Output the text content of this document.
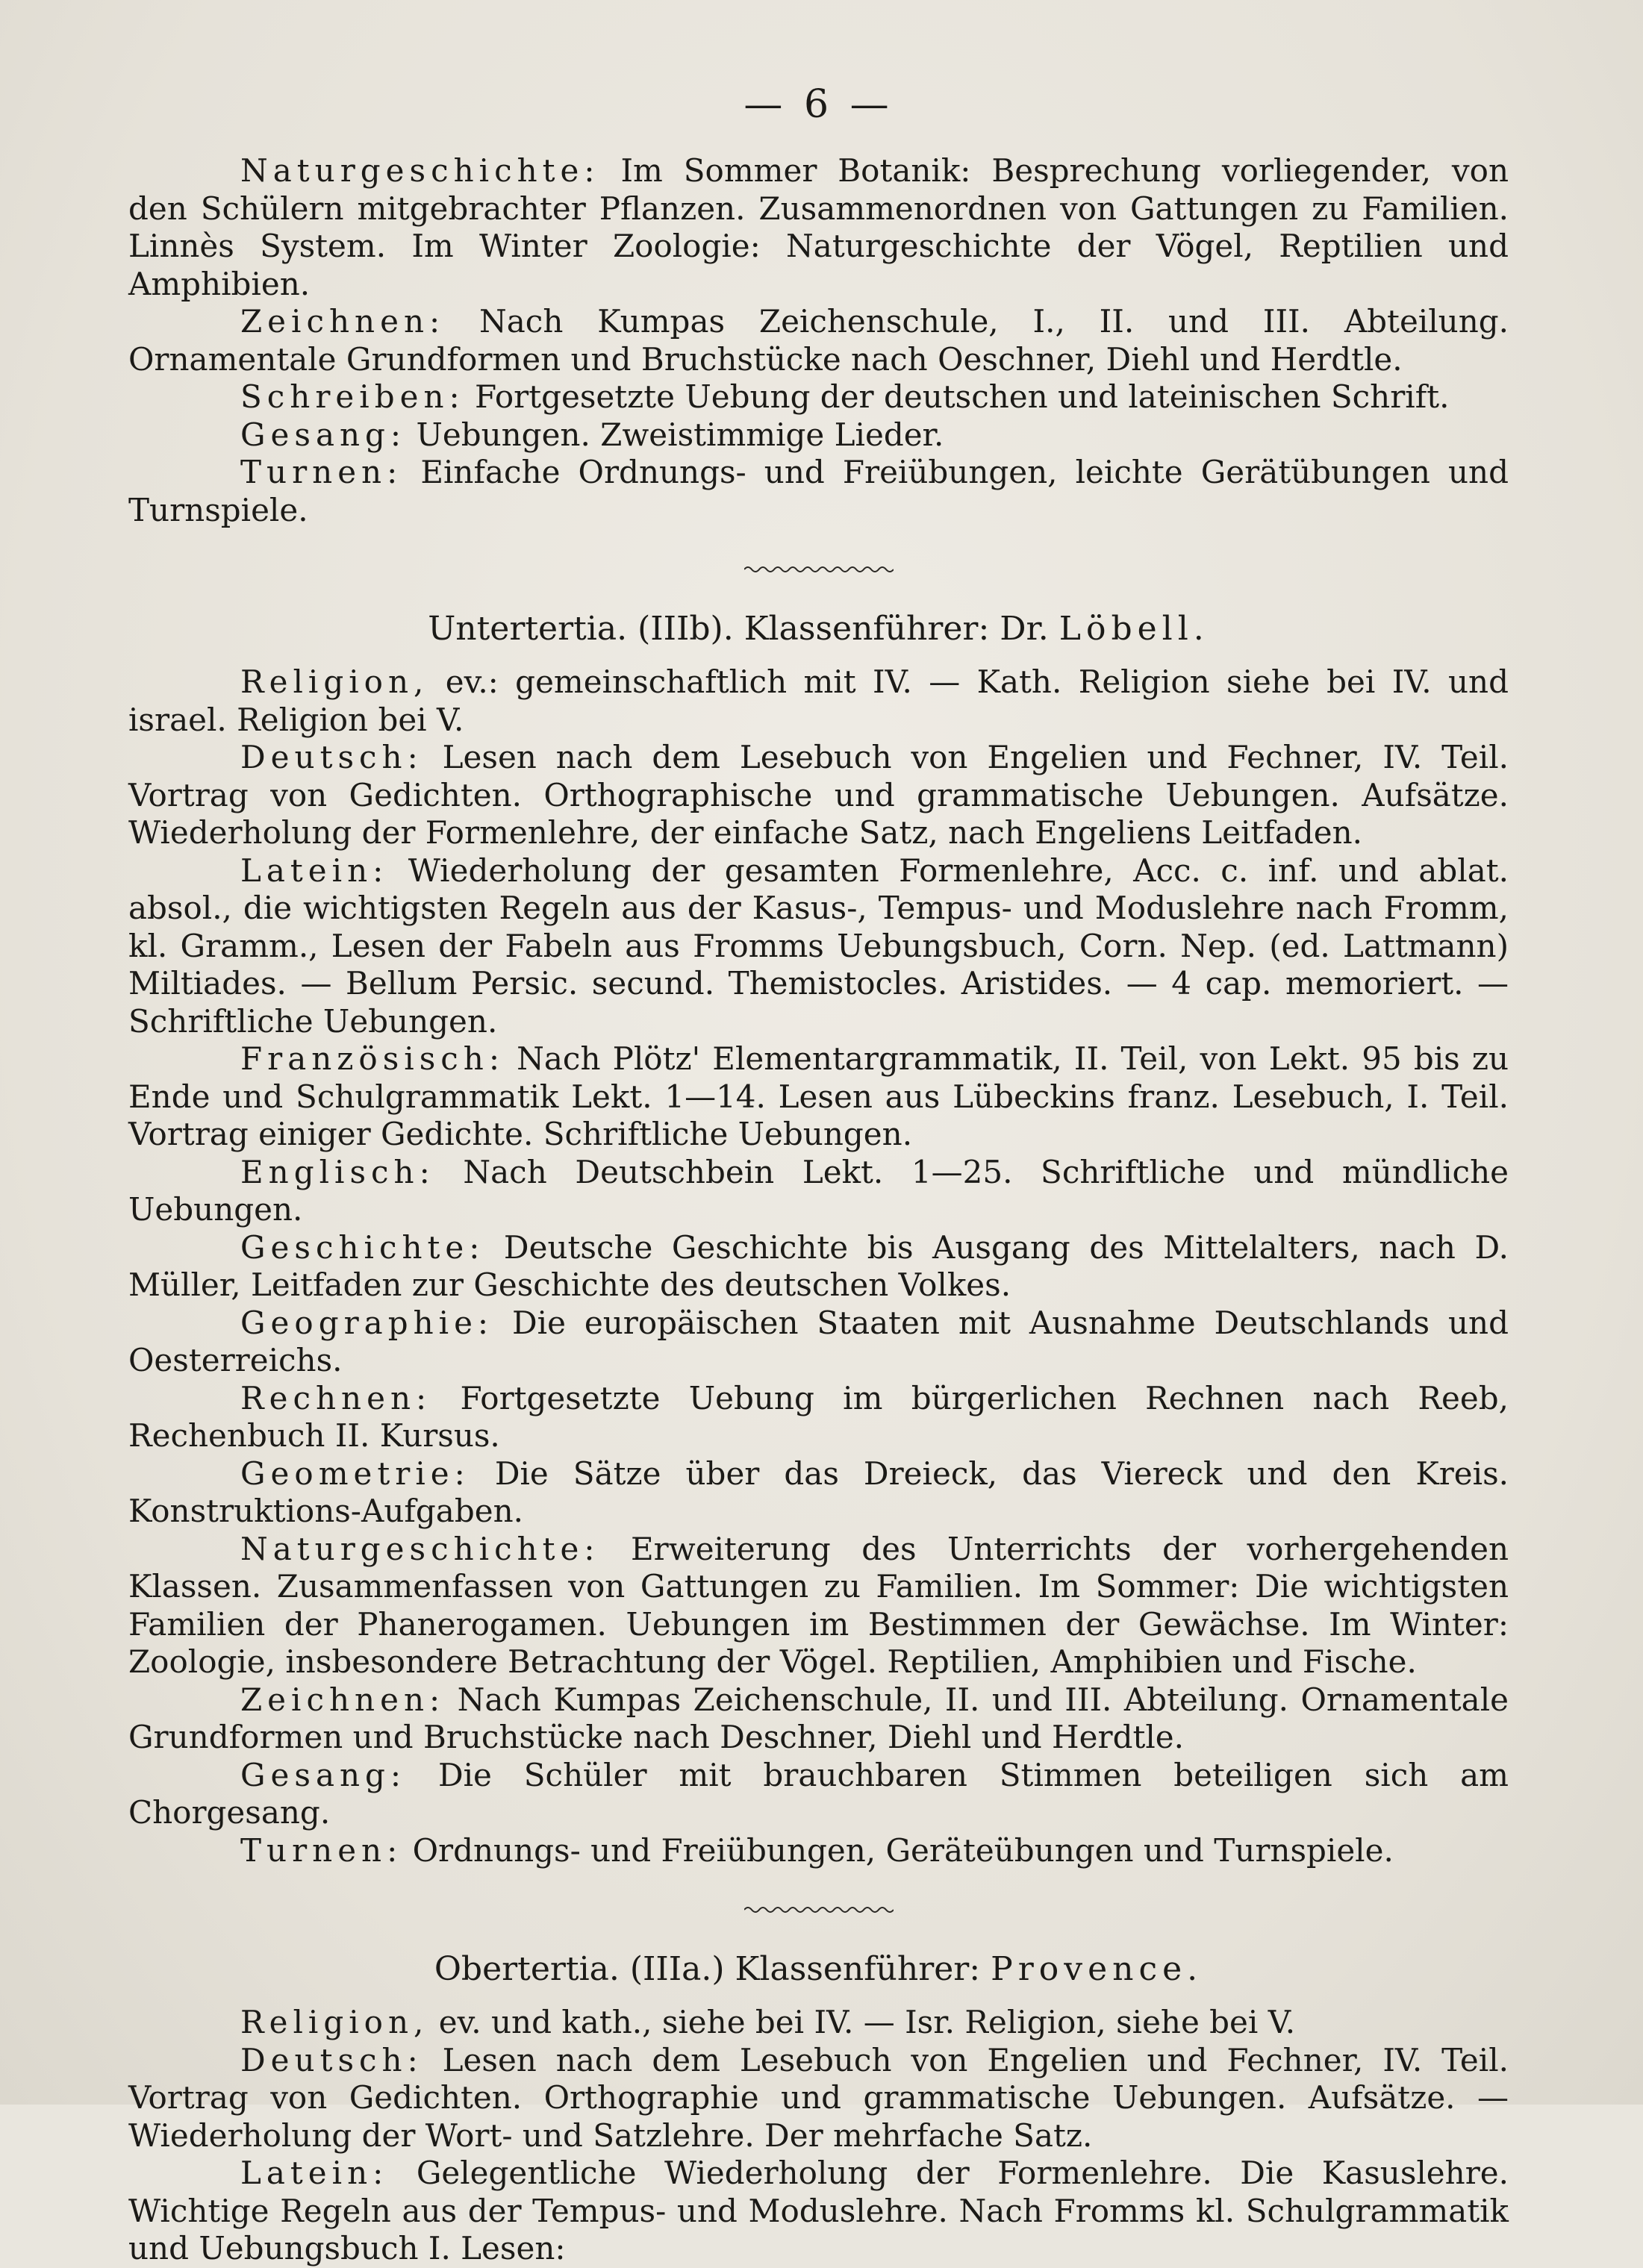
— 6 —

Naturgeschichte: Im Sommer Botanik: Besprechung vorliegender, von den Schülern mitgebrachter Pflanzen. Zusammenordnen von Gattungen zu Familien. Linnès System. Im Winter Zoologie: Naturgeschichte der Vögel, Reptilien und Amphibien.

Zeichnen: Nach Kumpas Zeichenschule, I., II. und III. Abteilung. Ornamentale Grundformen und Bruchstücke nach Oeschner, Diehl und Herdtle.

Schreiben: Fortgesetzte Uebung der deutschen und lateinischen Schrift.

Gesang: Uebungen. Zweistimmige Lieder.

Turnen: Einfache Ordnungs- und Freiübungen, leichte Gerätübungen und Turnspiele.

Untertertia. (IIIb). Klassenführer: Dr. Löbell.

Religion, ev.: gemeinschaftlich mit IV. — Kath. Religion siehe bei IV. und israel. Religion bei V.

Deutsch: Lesen nach dem Lesebuch von Engelien und Fechner, IV. Teil. Vortrag von Gedichten. Orthographische und grammatische Uebungen. Aufsätze. Wiederholung der Formenlehre, der einfache Satz, nach Engeliens Leitfaden.

Latein: Wiederholung der gesamten Formenlehre, Acc. c. inf. und ablat. absol., die wichtigsten Regeln aus der Kasus-, Tempus- und Moduslehre nach Fromm, kl. Gramm., Lesen der Fabeln aus Fromms Uebungsbuch, Corn. Nep. (ed. Lattmann) Miltiades. — Bellum Persic. secund. Themistocles. Aristides. — 4 cap. memoriert. — Schriftliche Uebungen.

Französisch: Nach Plötz' Elementargrammatik, II. Teil, von Lekt. 95 bis zu Ende und Schulgrammatik Lekt. 1—14. Lesen aus Lübeckins franz. Lesebuch, I. Teil. Vortrag einiger Gedichte. Schriftliche Uebungen.

Englisch: Nach Deutschbein Lekt. 1—25. Schriftliche und mündliche Uebungen.

Geschichte: Deutsche Geschichte bis Ausgang des Mittelalters, nach D. Müller, Leitfaden zur Geschichte des deutschen Volkes.

Geographie: Die europäischen Staaten mit Ausnahme Deutschlands und Oesterreichs.

Rechnen: Fortgesetzte Uebung im bürgerlichen Rechnen nach Reeb, Rechenbuch II. Kursus.

Geometrie: Die Sätze über das Dreieck, das Viereck und den Kreis. Konstruktions-Aufgaben.

Naturgeschichte: Erweiterung des Unterrichts der vorhergehenden Klassen. Zusammenfassen von Gattungen zu Familien. Im Sommer: Die wichtigsten Familien der Phanerogamen. Uebungen im Bestimmen der Gewächse. Im Winter: Zoologie, insbesondere Betrachtung der Vögel. Reptilien, Amphibien und Fische.

Zeichnen: Nach Kumpas Zeichenschule, II. und III. Abteilung. Ornamentale Grundformen und Bruchstücke nach Deschner, Diehl und Herdtle.

Gesang: Die Schüler mit brauchbaren Stimmen beteiligen sich am Chorgesang.

Turnen: Ordnungs- und Freiübungen, Geräteübungen und Turnspiele.

Obertertia. (IIIa.) Klassenführer: Provence.

Religion, ev. und kath., siehe bei IV. — Isr. Religion, siehe bei V.

Deutsch: Lesen nach dem Lesebuch von Engelien und Fechner, IV. Teil. Vortrag von Gedichten. Orthographie und grammatische Uebungen. Aufsätze. — Wiederholung der Wort- und Satzlehre. Der mehrfache Satz.

Latein: Gelegentliche Wiederholung der Formenlehre. Die Kasuslehre. Wichtige Regeln aus der Tempus- und Moduslehre. Nach Fromms kl. Schulgrammatik und Uebungsbuch I. Lesen:
